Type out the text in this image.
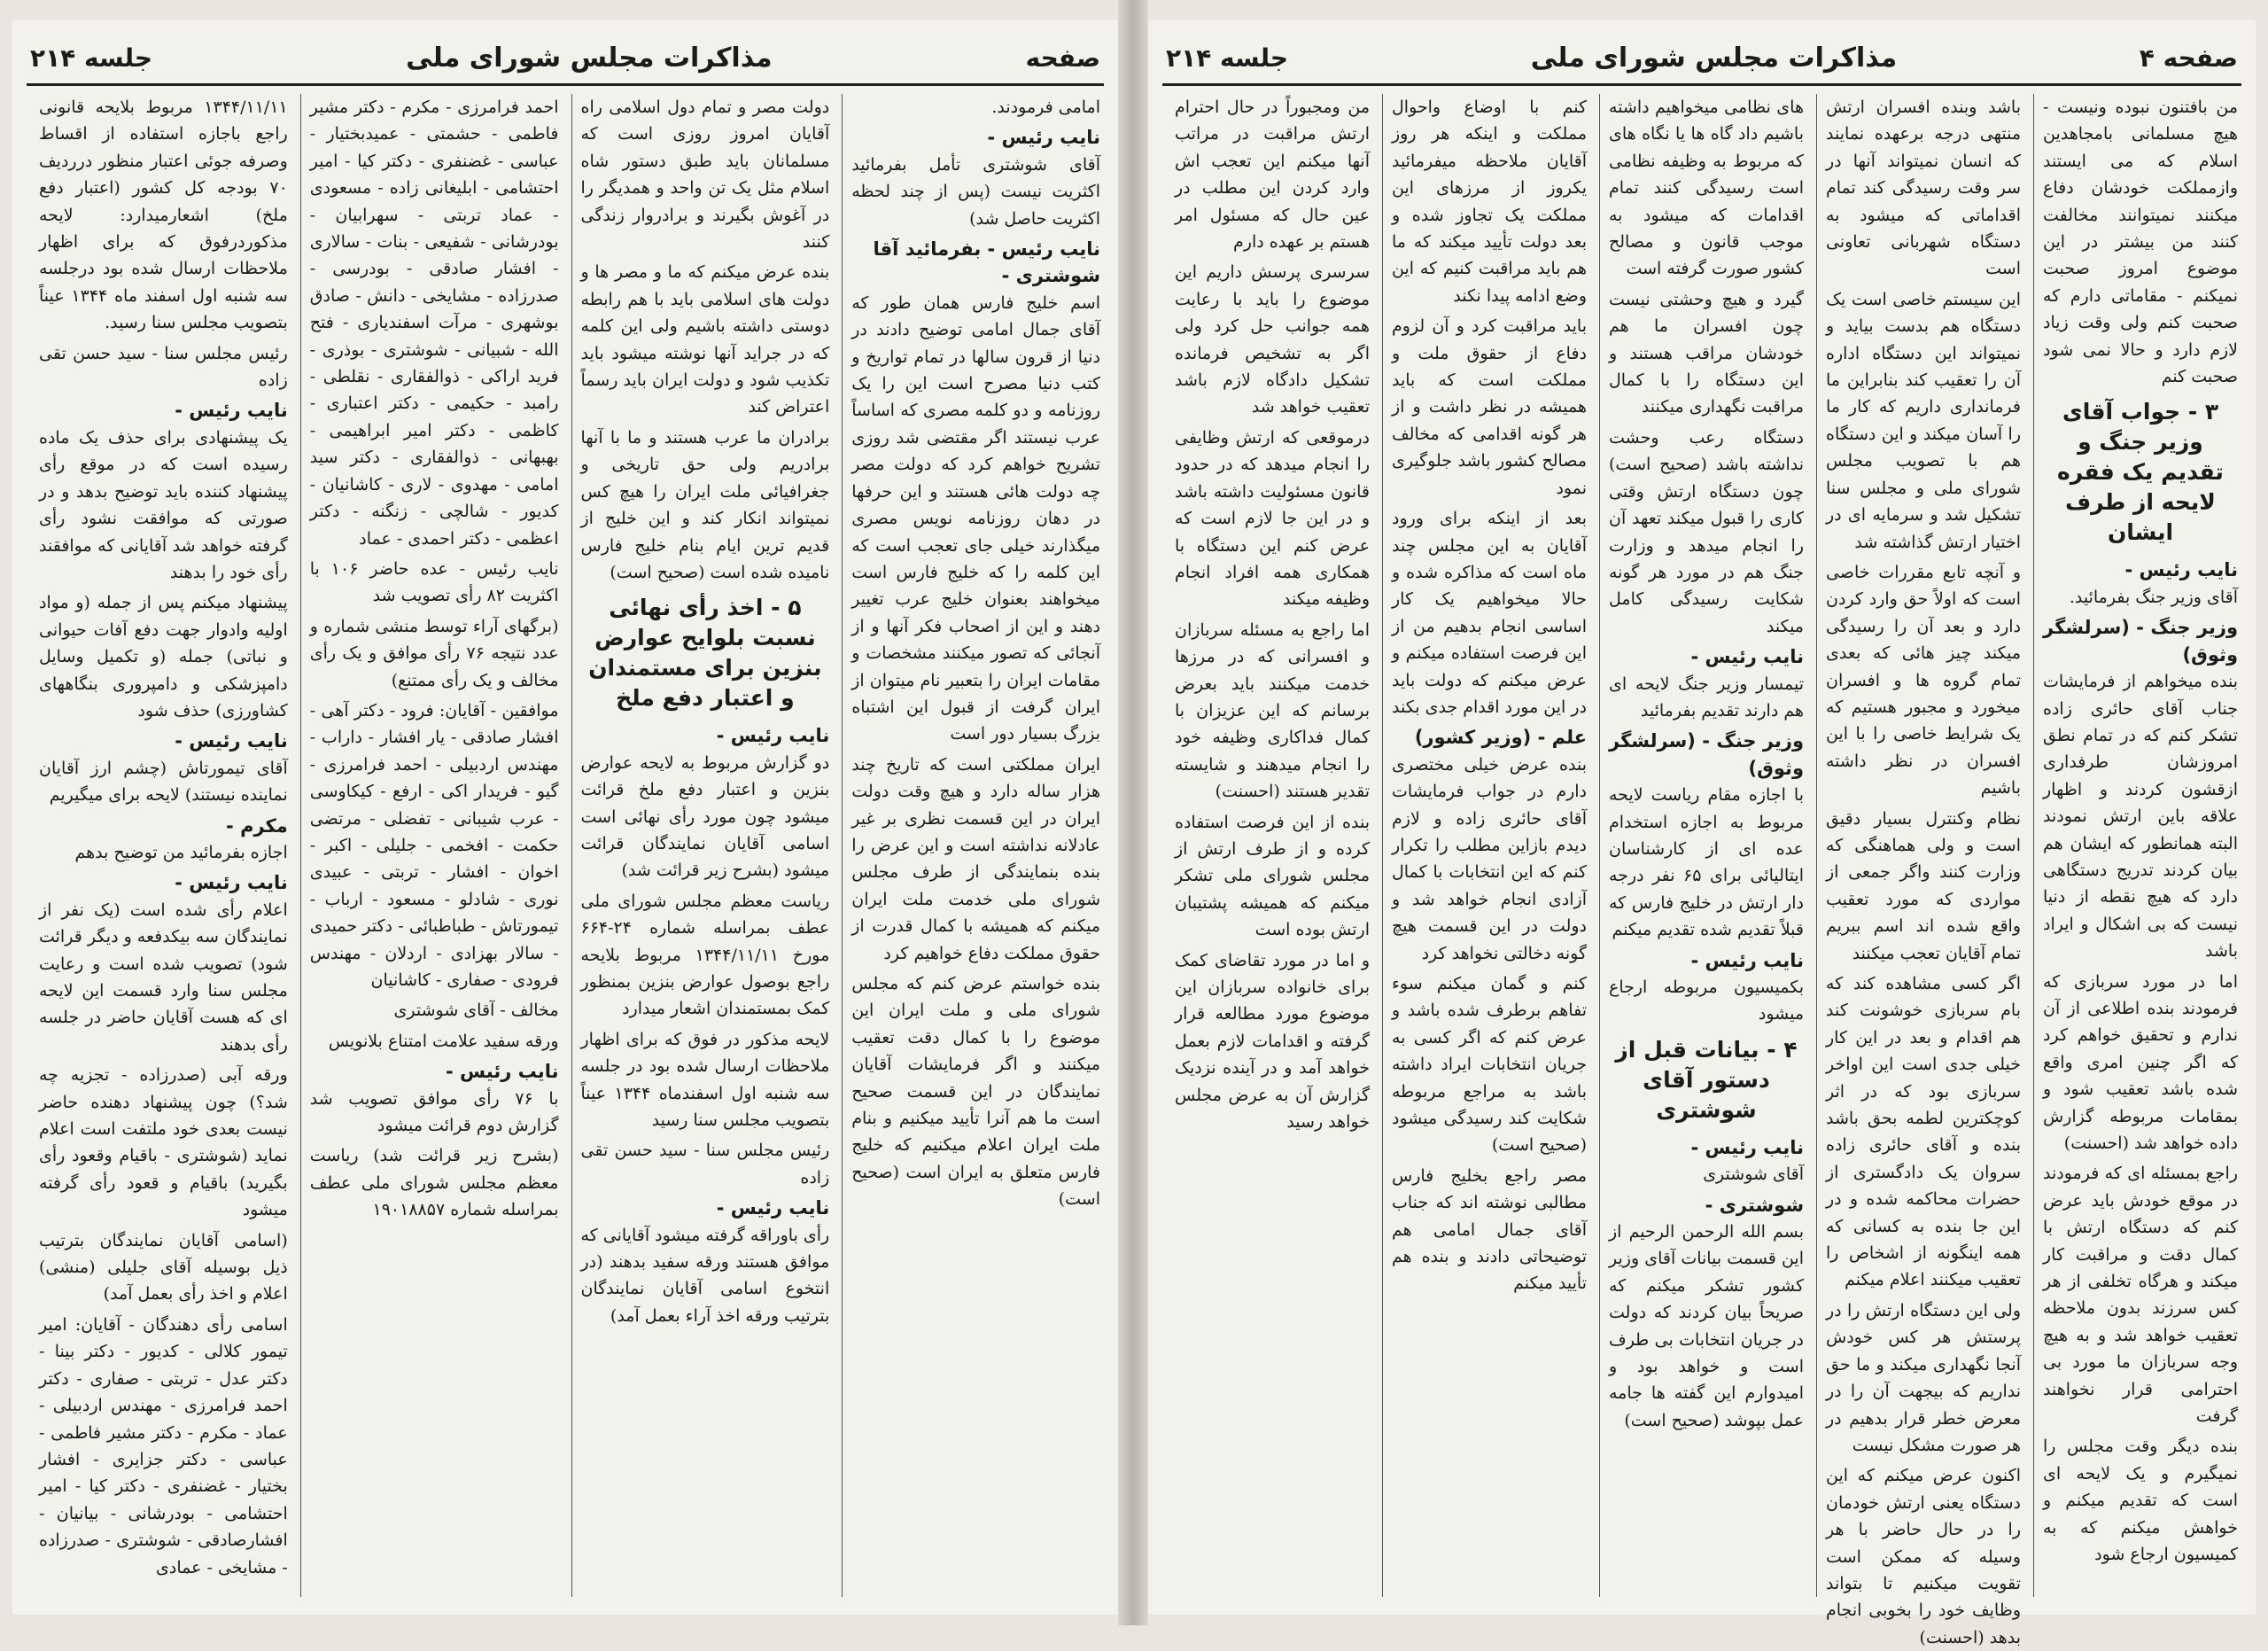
صفحه
مذاکرات مجلس شورای ملی
جلسه ۲۱۴

امامی فرمودند.

نایب رئیس -

آقای شوشتری تأمل بفرمائید اکثریت نیست (پس از چند لحظه اکثریت حاصل شد)

نایب رئیس - بفرمائید آقا
شوشتری -

اسم خلیج فارس همان طور که آقای جمال امامی توضیح دادند در دنیا از قرون سالها در تمام تواریخ و کتب دنیا مصرح است این را یک روزنامه و دو کلمه مصری که اساساً عرب نیستند اگر مقتضی شد روزی تشریح خواهم کرد که دولت مصر چه دولت هائی هستند و این حرفها در دهان روزنامه نویس مصری میگذارند خیلی جای تعجب است که این کلمه را که خلیج فارس است میخواهند بعنوان خلیج عرب تغییر دهند و این از اصحاب فکر آنها و از آنجائی که تصور میکنند مشخصات و مقامات ایران را بتعبیر نام میتوان از ایران گرفت از قبول این اشتباه بزرگ بسیار دور است

ایران مملکتی است که تاریخ چند هزار ساله دارد و هیچ وقت دولت ایران در این قسمت نظری بر غیر عادلانه نداشته است و این عرض را بنده بنمایندگی از طرف مجلس شورای ملی خدمت ملت ایران میکنم که همیشه با کمال قدرت از حقوق مملکت دفاع خواهیم کرد

بنده خواستم عرض کنم که مجلس شورای ملی و ملت ایران این موضوع را با کمال دقت تعقیب میکنند و اگر فرمایشات آقایان نمایندگان در این قسمت صحیح است ما هم آنرا تأیید میکنیم و بنام ملت ایران اعلام میکنیم که خلیج فارس متعلق به ایران است (صحیح است)

دولت مصر و تمام دول اسلامی راه آقایان امروز روزی است که مسلمانان باید طبق دستور شاه اسلام مثل یک تن واحد و همدیگر را در آغوش بگیرند و برادروار زندگی کنند

بنده عرض میکنم که ما و مصر ها و دولت های اسلامی باید با هم رابطه دوستی داشته باشیم ولی این کلمه که در جراید آنها نوشته میشود باید تکذیب شود و دولت ایران باید رسماً اعتراض کند

برادران ما عرب هستند و ما با آنها برادریم ولی حق تاریخی و جغرافیائی ملت ایران را هیچ کس نمیتواند انکار کند و این خلیج از قدیم ترین ایام بنام خلیج فارس نامیده شده است (صحیح است)

۵ - اخذ رأی نهائی نسبت بلوایح عوارض بنزین برای مستمندان و اعتبار دفع ملخ
نایب رئیس -

دو گزارش مربوط به لایحه عوارض بنزین و اعتبار دفع ملخ قرائت میشود چون مورد رأی نهائی است اسامی آقایان نمایندگان قرائت میشود (بشرح زیر قرائت شد)

ریاست معظم مجلس شورای ملی عطف بمراسله شماره ۲۴-۶۶۴ مورخ ۱۳۴۴/۱۱/۱۱ مربوط بلایحه راجع بوصول عوارض بنزین بمنظور کمک بمستمندان اشعار میدارد

لایحه مذکور در فوق که برای اظهار ملاحظات ارسال شده بود در جلسه سه شنبه اول اسفندماه ۱۳۴۴ عیناً بتصویب مجلس سنا رسید

رئیس مجلس سنا - سید حسن تقی زاده

نایب رئیس -

رأی باوراقه گرفته میشود آقایانی که موافق هستند ورقه سفید بدهند (در انتخوع اسامی آقایان نمایندگان بترتیب ورقه اخذ آراء بعمل آمد)

احمد فرامرزی - مکرم - دکتر مشیر فاطمی - حشمتی - عمیدبختیار - عباسی - غضنفری - دکتر کیا - امیر احتشامی - ابلیغانی زاده - مسعودی - عماد تربتی - سهرابیان - بودرشانی - شفیعی - بنات - سالاری - افشار صادقی - بودرسی - صدرزاده - مشایخی - دانش - صادق بوشهری - مرآت اسفندیاری - فتح الله - شبیانی - شوشتری - بوذری - فرید اراکی - ذوالفقاری - نقلطی - رامبد - حکیمی - دکتر اعتباری - کاظمی - دکتر امیر ابراهیمی - بهبهانی - ذوالفقاری - دکتر سید امامی - مهدوی - لاری - کاشانیان - کدیور - شالچی - زنگنه - دکتر اعظمی - دکتر احمدی - عماد

نایب رئیس - عده حاضر ۱۰۶ با اکثریت ۸۲ رأی تصویب شد

(برگهای آراء توسط منشی شماره و عدد نتیجه ۷۶ رأی موافق و یک رأی مخالف و یک رأی ممتنع)

موافقین - آقایان: فرود - دکتر آهی - افشار صادقی - یار افشار - داراب - مهندس اردبیلی - احمد فرامرزی - گیو - فریدار اکی - ارفع - کیکاوسی - عرب شیبانی - تفضلی - مرتضی حکمت - افخمی - جلیلی - اکبر - اخوان - افشار - تربتی - عبیدی نوری - شادلو - مسعود - ارباب - تیمورتاش - طباطبائی - دکتر حمیدی - سالار بهزادی - اردلان - مهندس فرودی - صفاری - کاشانیان

مخالف - آقای شوشتری

ورقه سفید علامت امتناع بلانویس

نایب رئیس -

با ۷۶ رأی موافق تصویب شد گزارش دوم قرائت میشود

(بشرح زیر قرائت شد) ریاست معظم مجلس شورای ملی عطف بمراسله شماره ۱۹۰۱۸۸۵۷

۱۳۴۴/۱۱/۱۱ مربوط بلایحه قانونی راجع باجازه استفاده از اقساط وصرفه جوئی اعتبار منظور درردیف ۷۰ بودجه کل کشور (اعتبار دفع ملخ) اشعارمیدارد: لایحه مذکوردرفوق که برای اظهار ملاحظات ارسال شده بود درجلسه سه شنبه اول اسفند ماه ۱۳۴۴ عیناً بتصویب مجلس سنا رسید.

رئیس مجلس سنا - سید حسن تقی زاده

نایب رئیس -

یک پیشنهادی برای حذف یک ماده رسیده است که در موقع رأی پیشنهاد کننده باید توضیح بدهد و در صورتی که موافقت نشود رأی گرفته خواهد شد آقایانی که موافقند رأی خود را بدهند

پیشنهاد میکنم پس از جمله (و مواد اولیه وادوار جهت دفع آفات حیوانی و نباتی) جمله (و تکمیل وسایل دامپزشکی و دامپروری بنگاههای کشاورزی) حذف شود

نایب رئیس -

آقای تیمورتاش (چشم ارز آقایان نماینده نیستند) لایحه برای میگیریم

مکرم -

اجازه بفرمائید من توضیح بدهم

نایب رئیس -

اعلام رأی شده است (یک نفر از نمایندگان سه بیکدفعه و دیگر قرائت شود) تصویب شده است و رعایت مجلس سنا وارد قسمت این لایحه ای که هست آقایان حاضر در جلسه رأی بدهند

ورقه آبی (صدرزاده - تجزیه چه شد؟) چون پیشنهاد دهنده حاضر نیست بعدی خود ملتفت است اعلام نماید (شوشتری - باقیام وقعود رأی بگیرید) باقیام و قعود رأی گرفته میشود

(اسامی آقایان نمایندگان بترتیب ذیل بوسیله آقای جلیلی (منشی) اعلام و اخذ رأی بعمل آمد)

اسامی رأی دهندگان - آقایان: امیر تیمور کلالی - کدیور - دکتر بینا - دکتر عدل - تربتی - صفاری - دکتر احمد فرامرزی - مهندس اردبیلی - عماد - مکرم - دکتر مشیر فاطمی - عباسی - دکتر جزایری - افشار بختیار - غضنفری - دکتر کیا - امیر احتشامی - بودرشانی - بیانیان - افشارصادقی - شوشتری - صدرزاده - مشایخی - عمادی

صفحه ۴
مذاکرات مجلس شورای ملی
جلسه ۲۱۴

من بافتنون نبوده ونیست - هیچ مسلمانی بامجاهدین اسلام که می ایستند وازمملکت خودشان دفاع میکنند نمیتوانند مخالفت کنند من بیشتر در این موضوع امروز صحبت نمیکنم - مقاماتی دارم که صحبت کنم ولی وقت زیاد لازم دارد و حالا نمی شود صحبت کنم

۳ - جواب آقای وزیر جنگ و تقدیم یک فقره لایحه از طرف ایشان
نایب رئیس -

آقای وزیر جنگ بفرمائید.

وزیر جنگ - (سرلشگر وثوق)

بنده میخواهم از فرمایشات جناب آقای حائری زاده تشکر کنم که در تمام نطق امروزشان طرفداری ازقشون کردند و اظهار علاقه باین ارتش نمودند البته همانطور که ایشان هم بیان کردند تدریج دستگاهی دارد که هیچ نقطه از دنیا نیست که بی اشکال و ایراد باشد

اما در مورد سربازی که فرمودند بنده اطلاعی از آن ندارم و تحقیق خواهم کرد که اگر چنین امری واقع شده باشد تعقیب شود و بمقامات مربوطه گزارش داده خواهد شد (احسنت)

راجع بمسئله ای که فرمودند در موقع خودش باید عرض کنم که دستگاه ارتش با کمال دقت و مراقبت کار میکند و هرگاه تخلفی از هر کس سرزند بدون ملاحظه تعقیب خواهد شد و به هیچ وجه سربازان ما مورد بی احترامی قرار نخواهند گرفت

بنده دیگر وقت مجلس را نمیگیرم و یک لایحه ای است که تقدیم میکنم و خواهش میکنم که به کمیسیون ارجاع شود

باشد وبنده افسران ارتش منتهی درجه برعهده نمایند که انسان نمیتواند آنها در سر وقت رسیدگی کند تمام اقداماتی که میشود به دستگاه شهربانی تعاونی است

این سیستم خاصی است یک دستگاه هم بدست بیاید و نمیتواند این دستگاه اداره آن را تعقیب کند بنابراین ما فرمانداری داریم که کار ما را آسان میکند و این دستگاه هم با تصویب مجلس شورای ملی و مجلس سنا تشکیل شد و سرمایه ای در اختیار ارتش گذاشته شد

و آنچه تابع مقررات خاصی است که اولاً حق وارد کردن دارد و بعد آن را رسیدگی میکند چیز هائی که بعدی تمام گروه ها و افسران میخورد و مجبور هستیم که یک شرایط خاصی را با این افسران در نظر داشته باشیم

نظام وکنترل بسیار دقیق است و ولی هماهنگی که وزارت کنند واگر جمعی از مواردی که مورد تعقیب واقع شده اند اسم ببریم تمام آقایان تعجب میکنند

اگر کسی مشاهده کند که بام سربازی خوشونت کند هم اقدام و بعد در این کار خیلی جدی است این اواخر سربازی بود که در اثر کوچکترین لطمه بحق باشد بنده و آقای حائری زاده سروان یک دادگستری از حضرات محاکمه شده و در این جا بنده به کسانی که همه اینگونه از اشخاص را تعقیب میکنند اعلام میکنم

ولی این دستگاه ارتش را در پرستش هر کس خودش آنجا نگهداری میکند و ما حق نداریم که بیجهت آن را در معرض خطر قرار بدهیم در هر صورت مشکل نیست

اکنون عرض میکنم که این دستگاه یعنی ارتش خودمان را در حال حاضر با هر وسیله که ممکن است تقویت میکنیم تا بتواند وظایف خود را بخوبی انجام بدهد (احسنت)

های نظامی میخواهیم داشته باشیم داد گاه ها یا نگاه های که مربوط به وظیفه نظامی است رسیدگی کنند تمام اقدامات که میشود به موجب قانون و مصالح کشور صورت گرفته است

گیرد و هیچ وحشتی نیست چون افسران ما هم خودشان مراقب هستند و این دستگاه را با کمال مراقبت نگهداری میکنند

دستگاه رعب وحشت نداشته باشد (صحیح است) چون دستگاه ارتش وقتی کاری را قبول میکند تعهد آن را انجام میدهد و وزارت جنگ هم در مورد هر گونه شکایت رسیدگی کامل میکند

نایب رئیس -

تیمسار وزیر جنگ لایحه ای هم دارند تقدیم بفرمائید

وزیر جنگ - (سرلشگر وثوق)

با اجازه مقام ریاست لایحه مربوط به اجازه استخدام عده ای از کارشناسان ایتالیائی برای ۶۵ نفر درجه دار ارتش در خلیج فارس که قبلاً تقدیم شده تقدیم میکنم

نایب رئیس -

بکمیسیون مربوطه ارجاع میشود

۴ - بیانات قبل از دستور آقای شوشتری
نایب رئیس -

آقای شوشتری

شوشتری -

بسم الله الرحمن الرحیم از این قسمت بیانات آقای وزیر کشور تشکر میکنم که صریحاً بیان کردند که دولت در جریان انتخابات بی طرف است و خواهد بود و امیدوارم این گفته ها جامه عمل بپوشد (صحیح است)

کنم با اوضاع واحوال مملکت و اینکه هر روز آقایان ملاحظه میفرمائید یکروز از مرزهای این مملکت یک تجاوز شده و بعد دولت تأیید میکند که ما هم باید مراقبت کنیم که این وضع ادامه پیدا نکند

باید مراقبت کرد و آن لزوم دفاع از حقوق ملت و مملکت است که باید همیشه در نظر داشت و از هر گونه اقدامی که مخالف مصالح کشور باشد جلوگیری نمود

بعد از اینکه برای ورود آقایان به این مجلس چند ماه است که مذاکره شده و حالا میخواهیم یک کار اساسی انجام بدهیم من از این فرصت استفاده میکنم و عرض میکنم که دولت باید در این مورد اقدام جدی بکند

علم - (وزیر کشور)

بنده عرض خیلی مختصری دارم در جواب فرمایشات آقای حائری زاده و لازم دیدم بازاین مطلب را تکرار کنم که این انتخابات با کمال آزادی انجام خواهد شد و دولت در این قسمت هیچ گونه دخالتی نخواهد کرد

کنم و گمان میکنم سوء تفاهم برطرف شده باشد و عرض کنم که اگر کسی به جریان انتخابات ایراد داشته باشد به مراجع مربوطه شکایت کند رسیدگی میشود (صحیح است)

مصر راجع بخلیج فارس مطالبی نوشته اند که جناب آقای جمال امامی هم توضیحاتی دادند و بنده هم تأیید میکنم

من ومجبوراً در حال احترام ارتش مراقبت در مراتب آنها میکنم این تعجب اش وارد کردن این مطلب در عین حال که مسئول امر هستم بر عهده دارم

سرسری پرسش داریم این موضوع را باید با رعایت همه جوانب حل کرد ولی اگر به تشخیص فرمانده تشکیل دادگاه لازم باشد تعقیب خواهد شد

درموقعی که ارتش وظایفی را انجام میدهد که در حدود قانون مسئولیت داشته باشد و در این جا لازم است که عرض کنم این دستگاه با همکاری همه افراد انجام وظیفه میکند

اما راجع به مسئله سربازان و افسرانی که در مرزها خدمت میکنند باید بعرض برسانم که این عزیزان با کمال فداکاری وظیفه خود را انجام میدهند و شایسته تقدیر هستند (احسنت)

بنده از این فرصت استفاده کرده و از طرف ارتش از مجلس شورای ملی تشکر میکنم که همیشه پشتیبان ارتش بوده است

و اما در مورد تقاضای کمک برای خانواده سربازان این موضوع مورد مطالعه قرار گرفته و اقدامات لازم بعمل خواهد آمد و در آینده نزدیک گزارش آن به عرض مجلس خواهد رسید
